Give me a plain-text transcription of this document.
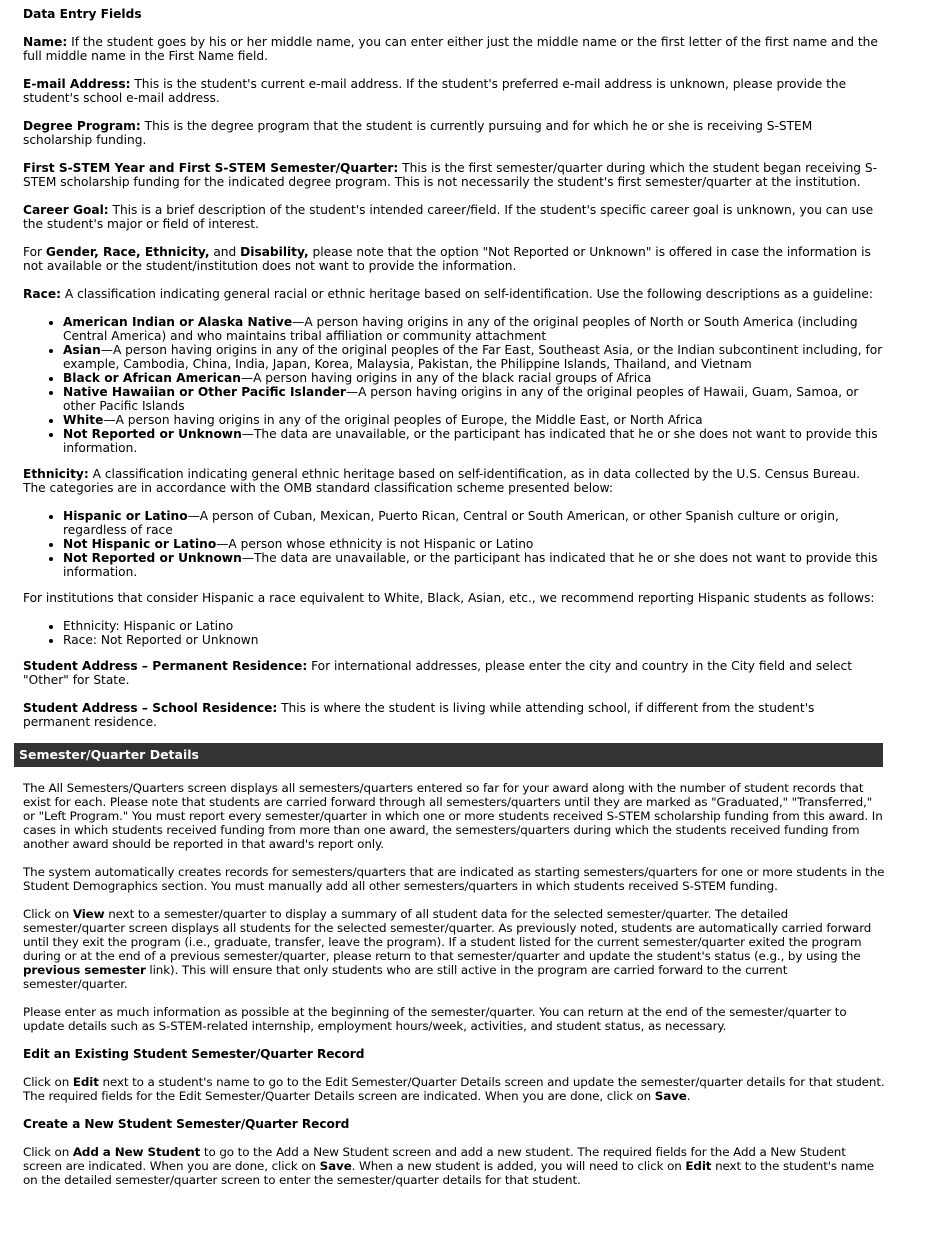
Data Entry Fields

Name: If the student goes by his or her middle name, you can enter either just the middle name or the first letter of the first name and the full middle name in the First Name field.

E-mail Address: This is the student's current e-mail address. If the student's preferred e-mail address is unknown, please provide the student's school e-mail address.

Degree Program: This is the degree program that the student is currently pursuing and for which he or she is receiving S-STEM scholarship funding.

First S-STEM Year and First S-STEM Semester/Quarter: This is the first semester/quarter during which the student began receiving S-STEM scholarship funding for the indicated degree program. This is not necessarily the student's first semester/quarter at the institution.

Career Goal: This is a brief description of the student's intended career/field. If the student's specific career goal is unknown, you can use the student's major or field of interest.

For Gender, Race, Ethnicity, and Disability, please note that the option "Not Reported or Unknown" is offered in case the information is not available or the student/institution does not want to provide the information.

Race: A classification indicating general racial or ethnic heritage based on self-identification. Use the following descriptions as a guideline:

• American Indian or Alaska Native—A person having origins in any of the original peoples of North or South America (including Central America) and who maintains tribal affiliation or community attachment
• Asian—A person having origins in any of the original peoples of the Far East, Southeast Asia, or the Indian subcontinent including, for example, Cambodia, China, India, Japan, Korea, Malaysia, Pakistan, the Philippine Islands, Thailand, and Vietnam
• Black or African American—A person having origins in any of the black racial groups of Africa
• Native Hawaiian or Other Pacific Islander—A person having origins in any of the original peoples of Hawaii, Guam, Samoa, or other Pacific Islands
• White—A person having origins in any of the original peoples of Europe, the Middle East, or North Africa
• Not Reported or Unknown—The data are unavailable, or the participant has indicated that he or she does not want to provide this information.

Ethnicity: A classification indicating general ethnic heritage based on self-identification, as in data collected by the U.S. Census Bureau. The categories are in accordance with the OMB standard classification scheme presented below:

• Hispanic or Latino—A person of Cuban, Mexican, Puerto Rican, Central or South American, or other Spanish culture or origin, regardless of race
• Not Hispanic or Latino—A person whose ethnicity is not Hispanic or Latino
• Not Reported or Unknown—The data are unavailable, or the participant has indicated that he or she does not want to provide this information.

For institutions that consider Hispanic a race equivalent to White, Black, Asian, etc., we recommend reporting Hispanic students as follows:

• Ethnicity: Hispanic or Latino
• Race: Not Reported or Unknown

Student Address – Permanent Residence: For international addresses, please enter the city and country in the City field and select "Other" for State.

Student Address – School Residence: This is where the student is living while attending school, if different from the student's permanent residence.

Semester/Quarter Details

The All Semesters/Quarters screen displays all semesters/quarters entered so far for your award along with the number of student records that exist for each. Please note that students are carried forward through all semesters/quarters until they are marked as "Graduated," "Transferred," or "Left Program." You must report every semester/quarter in which one or more students received S-STEM scholarship funding from this award. In cases in which students received funding from more than one award, the semesters/quarters during which the students received funding from another award should be reported in that award's report only.

The system automatically creates records for semesters/quarters that are indicated as starting semesters/quarters for one or more students in the Student Demographics section. You must manually add all other semesters/quarters in which students received S-STEM funding.

Click on View next to a semester/quarter to display a summary of all student data for the selected semester/quarter. The detailed semester/quarter screen displays all students for the selected semester/quarter. As previously noted, students are automatically carried forward until they exit the program (i.e., graduate, transfer, leave the program). If a student listed for the current semester/quarter exited the program during or at the end of a previous semester/quarter, please return to that semester/quarter and update the student's status (e.g., by using the previous semester link). This will ensure that only students who are still active in the program are carried forward to the current semester/quarter.

Please enter as much information as possible at the beginning of the semester/quarter. You can return at the end of the semester/quarter to update details such as S-STEM-related internship, employment hours/week, activities, and student status, as necessary.

Edit an Existing Student Semester/Quarter Record

Click on Edit next to a student's name to go to the Edit Semester/Quarter Details screen and update the semester/quarter details for that student. The required fields for the Edit Semester/Quarter Details screen are indicated. When you are done, click on Save.

Create a New Student Semester/Quarter Record

Click on Add a New Student to go to the Add a New Student screen and add a new student. The required fields for the Add a New Student screen are indicated. When you are done, click on Save. When a new student is added, you will need to click on Edit next to the student's name on the detailed semester/quarter screen to enter the semester/quarter details for that student.
